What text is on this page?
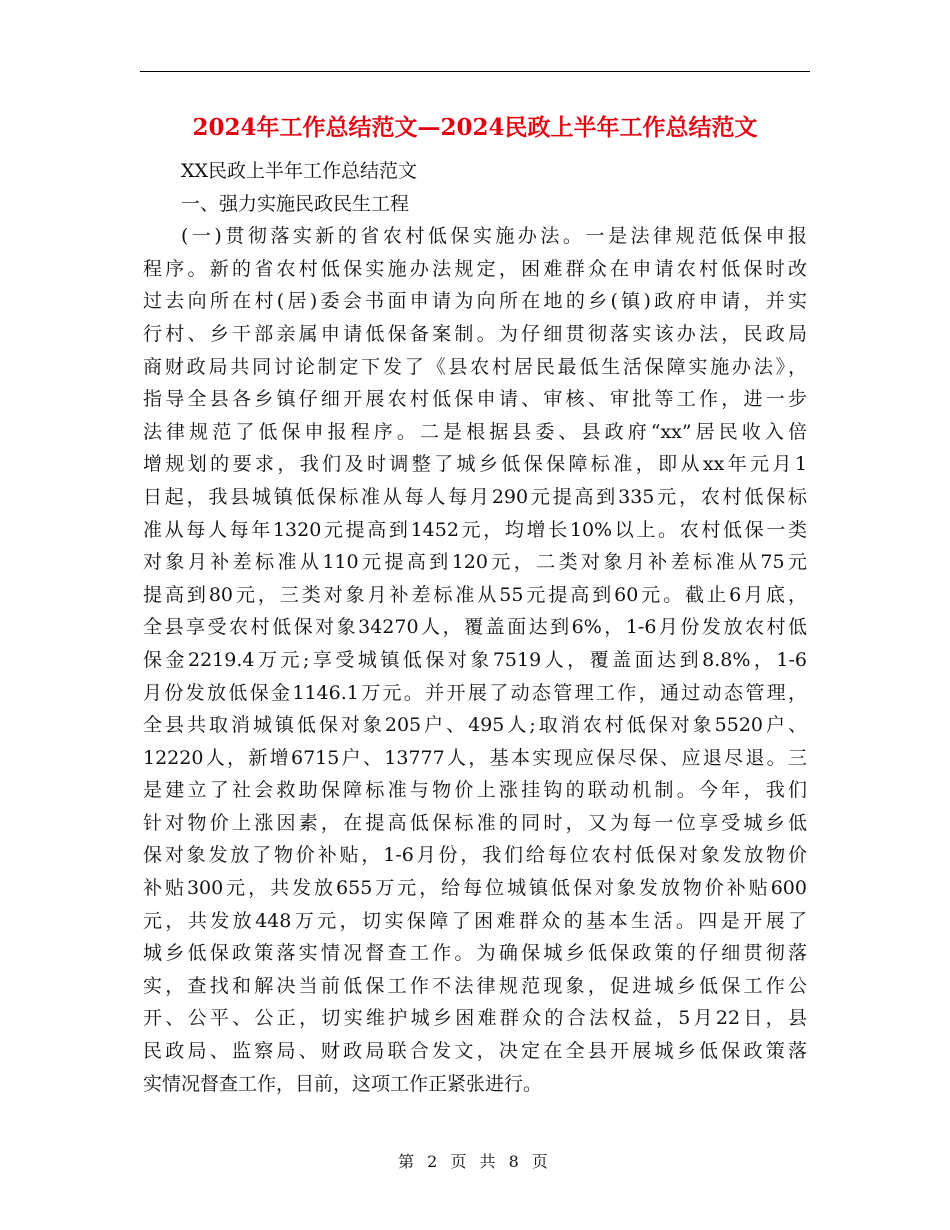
2024年工作总结范文—2024民政上半年工作总结范文
XX民政上半年工作总结范文
一、强力实施民政民生工程
(一)贯彻落实新的省农村低保实施办法。一是法律规范低保申报
程序。新的省农村低保实施办法规定，困难群众在申请农村低保时改
过去向所在村(居)委会书面申请为向所在地的乡(镇)政府申请，并实
行村、乡干部亲属申请低保备案制。为仔细贯彻落实该办法，民政局
商财政局共同讨论制定下发了《县农村居民最低生活保障实施办法》，
指导全县各乡镇仔细开展农村低保申请、审核、审批等工作，进一步
法律规范了低保申报程序。二是根据县委、县政府“xx”居民收入倍
增规划的要求，我们及时调整了城乡低保保障标准，即从xx年元月1
日起，我县城镇低保标准从每人每月290元提高到335元，农村低保标
准从每人每年1320元提高到1452元，均增长10%以上。农村低保一类
对象月补差标准从110元提高到120元，二类对象月补差标准从75元
提高到80元，三类对象月补差标准从55元提高到60元。截止6月底，
全县享受农村低保对象34270人，覆盖面达到6%，1-6月份发放农村低
保金2219.4万元;享受城镇低保对象7519人，覆盖面达到8.8%，1-6
月份发放低保金1146.1万元。并开展了动态管理工作，通过动态管理，
全县共取消城镇低保对象205户、495人;取消农村低保对象5520户、
12220人，新增6715户、13777人，基本实现应保尽保、应退尽退。三
是建立了社会救助保障标准与物价上涨挂钩的联动机制。今年，我们
针对物价上涨因素，在提高低保标准的同时，又为每一位享受城乡低
保对象发放了物价补贴，1-6月份，我们给每位农村低保对象发放物价
补贴300元，共发放655万元，给每位城镇低保对象发放物价补贴600
元，共发放448万元，切实保障了困难群众的基本生活。四是开展了
城乡低保政策落实情况督查工作。为确保城乡低保政策的仔细贯彻落
实，查找和解决当前低保工作不法律规范现象，促进城乡低保工作公
开、公平、公正，切实维护城乡困难群众的合法权益，5月22日，县
民政局、监察局、财政局联合发文，决定在全县开展城乡低保政策落
实情况督查工作，目前，这项工作正紧张进行。
第 2 页 共 8 页
